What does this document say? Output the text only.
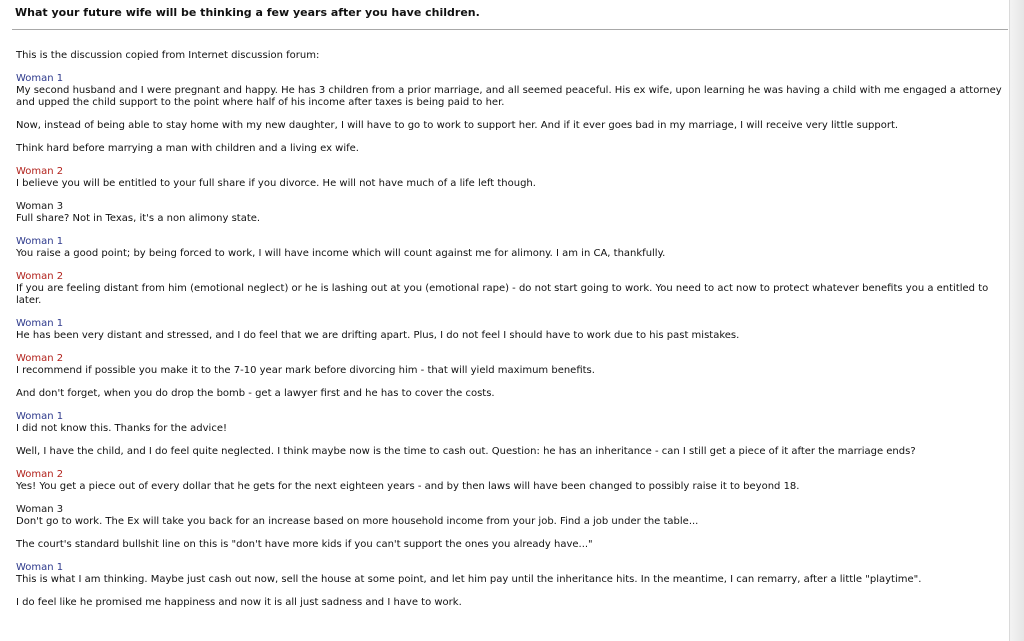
What your future wife will be thinking a few years after you have children.
This is the discussion copied from Internet discussion forum:
Woman 1
My second husband and I were pregnant and happy. He has 3 children from a prior marriage, and all seemed peaceful. His ex wife, upon learning he was having a child with me engaged a attorney and upped the child support to the point where half of his income after taxes is being paid to her.
Now, instead of being able to stay home with my new daughter, I will have to go to work to support her. And if it ever goes bad in my marriage, I will receive very little support.
Think hard before marrying a man with children and a living ex wife.
Woman 2
I believe you will be entitled to your full share if you divorce. He will not have much of a life left though.
Woman 3
Full share? Not in Texas, it's a non alimony state.
Woman 1
You raise a good point; by being forced to work, I will have income which will count against me for alimony. I am in CA, thankfully.
Woman 2
If you are feeling distant from him (emotional neglect) or he is lashing out at you (emotional rape) - do not start going to work. You need to act now to protect whatever benefits you a entitled to later.
Woman 1
He has been very distant and stressed, and I do feel that we are drifting apart. Plus, I do not feel I should have to work due to his past mistakes.
Woman 2
I recommend if possible you make it to the 7-10 year mark before divorcing him - that will yield maximum benefits.
And don't forget, when you do drop the bomb - get a lawyer first and he has to cover the costs.
Woman 1
I did not know this. Thanks for the advice!
Well, I have the child, and I do feel quite neglected. I think maybe now is the time to cash out. Question: he has an inheritance - can I still get a piece of it after the marriage ends?
Woman 2
Yes! You get a piece out of every dollar that he gets for the next eighteen years - and by then laws will have been changed to possibly raise it to beyond 18.
Woman 3
Don't go to work. The Ex will take you back for an increase based on more household income from your job. Find a job under the table...
The court's standard bullshit line on this is "don't have more kids if you can't support the ones you already have..."
Woman 1
This is what I am thinking. Maybe just cash out now, sell the house at some point, and let him pay until the inheritance hits. In the meantime, I can remarry, after a little "playtime".
I do feel like he promised me happiness and now it is all just sadness and I have to work.
